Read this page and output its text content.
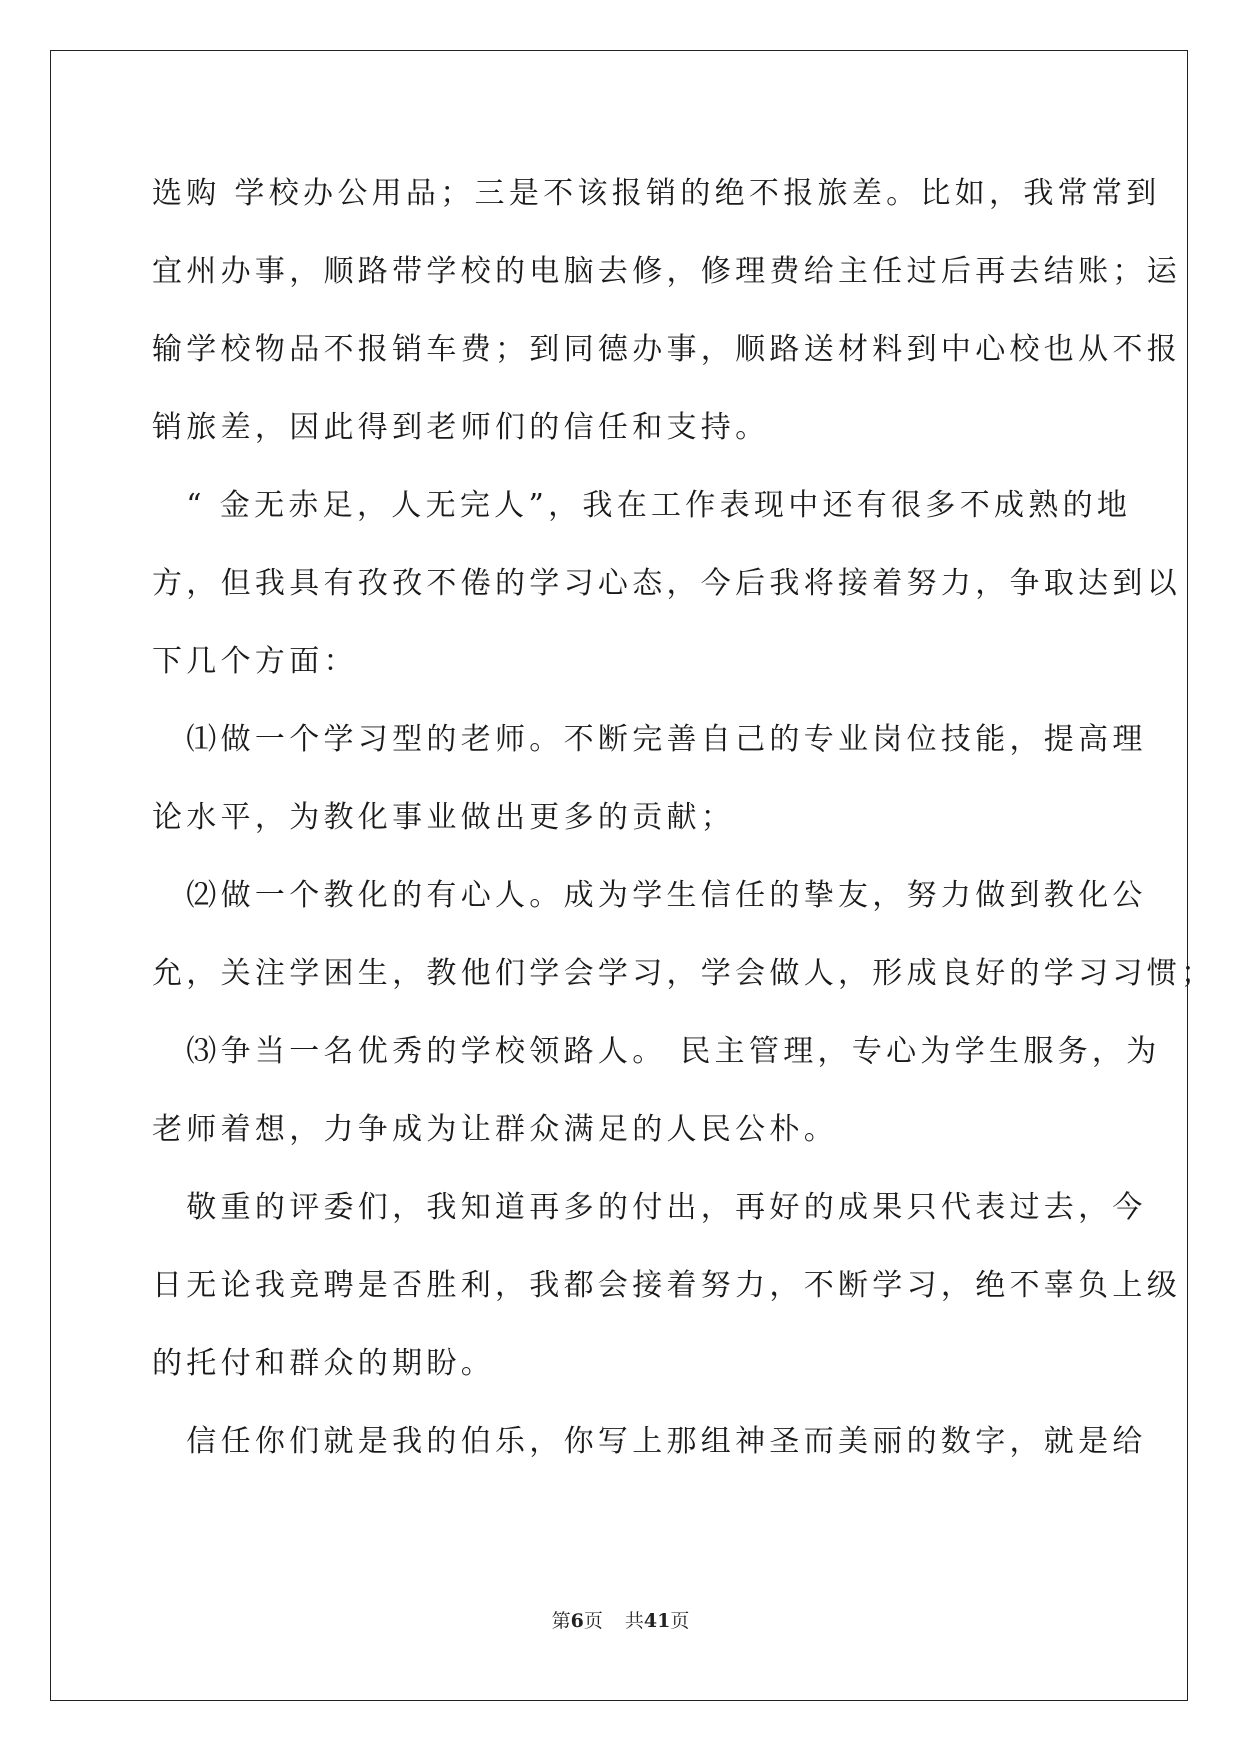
选购 学校办公用品；三是不该报销的绝不报旅差。比如，我常常到
宜州办事，顺路带学校的电脑去修，修理费给主任过后再去结账；运
输学校物品不报销车费；到同德办事，顺路送材料到中心校也从不报
销旅差，因此得到老师们的信任和支持。
　“ 金无赤足，人无完人”，我在工作表现中还有很多不成熟的地
方，但我具有孜孜不倦的学习心态，今后我将接着努力，争取达到以
下几个方面：
　⑴做一个学习型的老师。不断完善自己的专业岗位技能，提高理
论水平，为教化事业做出更多的贡献；
　⑵做一个教化的有心人。成为学生信任的挚友，努力做到教化公
允，关注学困生，教他们学会学习，学会做人，形成良好的学习习惯；
　⑶争当一名优秀的学校领路人。 民主管理，专心为学生服务，为
老师着想，力争成为让群众满足的人民公朴。
　敬重的评委们，我知道再多的付出，再好的成果只代表过去，今
日无论我竞聘是否胜利，我都会接着努力，不断学习，绝不辜负上级
的托付和群众的期盼。
　信任你们就是我的伯乐，你写上那组神圣而美丽的数字，就是给
第6页 共41页
